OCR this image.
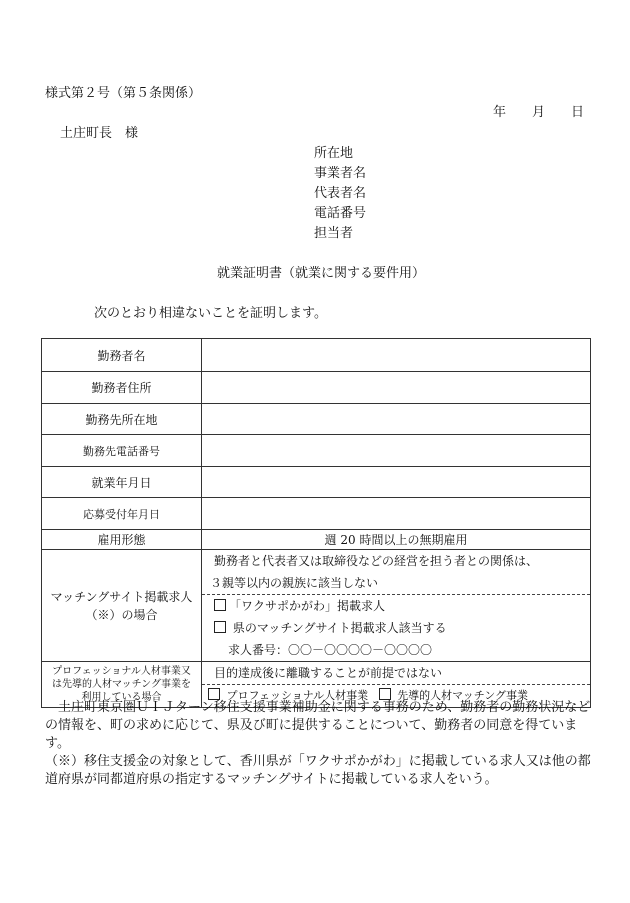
様式第２号（第５条関係）
年　　月　　日
土庄町長　様
所在地
事業者名
代表者名
電話番号
担当者
就業証明書（就業に関する要件用）
次のとおり相違ないことを証明します。
勤務者名	
勤務者住所	
勤務先所在地	
勤務先電話番号	
就業年月日	
応募受付年月日	
雇用形態	週 20 時間以上の無期雇用
マッチングサイト掲載求人（※）の場合	勤務者と代表者又は取締役などの経営を担う者との関係は、
３親等以内の親族に該当しない
「ワクサポかがわ」掲載求人
県のマッチングサイト掲載求人該当する
求人番号：〇〇－〇〇〇〇－〇〇〇〇

プロフェッショナル人材事業又は先導的人材マッチング事業を利用している場合	目的達成後に離職することが前提ではない
プロフェッショナル人材事業 先導的人材マッチング事業
土庄町東京圏ＵＩＪターン移住支援事業補助金に関する事務のため、勤務者の勤務状況などの情報を、町の求めに応じて、県及び町に提供することについて、勤務者の同意を得ています。
（※）移住支援金の対象として、香川県が「ワクサポかがわ」に掲載している求人又は他の都道府県が同都道府県の指定するマッチングサイトに掲載している求人をいう。
